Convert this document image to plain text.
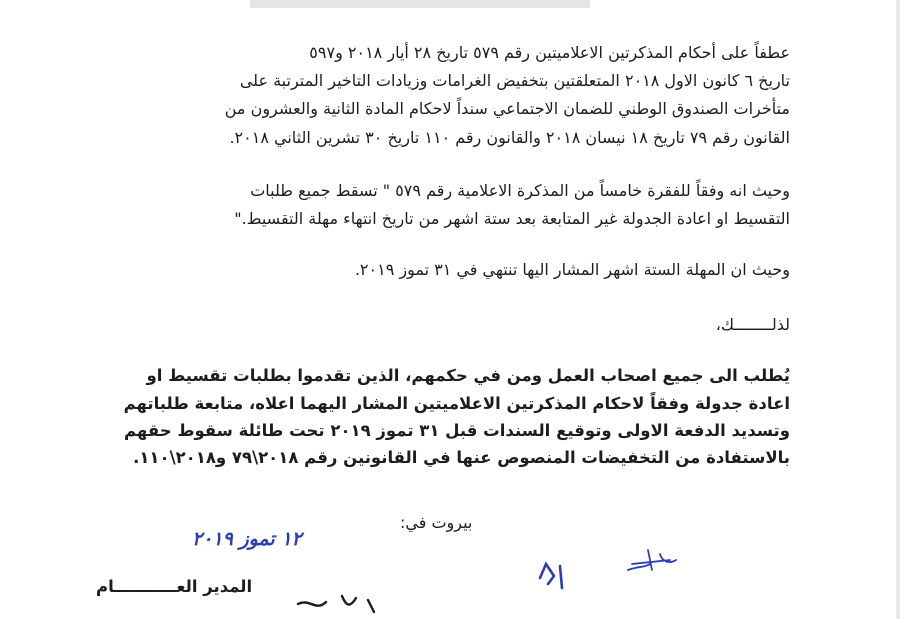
عطفاً على أحكام المذكرتين الاعلاميتين رقم ٥٧٩ تاريخ ٢٨ أيار ٢٠١٨ و٥٩٧
تاريخ ٦ كانون الاول ٢٠١٨ المتعلقتين بتخفيض الغرامات وزيادات التاخير المترتبة على
متأخرات الصندوق الوطني للضمان الاجتماعي سنداً لاحكام المادة الثانية والعشرون من
القانون رقم ٧٩ تاريخ ١٨ نيسان ٢٠١٨ والقانون رقم ١١٠ تاريخ ٣٠ تشرين الثاني ٢٠١٨.
وحيث انه وفقاً للفقرة خامساً من المذكرة الاعلامية رقم ٥٧٩ " تسقط جميع طلبات
التقسيط او اعادة الجدولة غير المتابعة بعد ستة اشهر من تاريخ انتهاء مهلة التقسيط."
وحيث ان المهلة الستة اشهر المشار اليها تنتهي في ٣١ تموز ٢٠١٩.
لذلــــــــك،
يُطلب الى جميع اصحاب العمل ومن في حكمهم، الذين تقدموا بطلبات تقسيط او
اعادة جدولة وفقاً لاحكام المذكرتين الاعلاميتين المشار اليهما اعلاه، متابعة طلباتهم
وتسديد الدفعة الاولى وتوقيع السندات قبل ٣١ تموز ٢٠١٩ تحت طائلة سقوط حقهم
بالاستفادة من التخفيضات المنصوص عنها في القانونين رقم ٢٠١٨\٧٩ و٢٠١٨\١١٠.
بيروت في:
١٢ تموز ٢٠١٩
المدير العـــــــــــام
